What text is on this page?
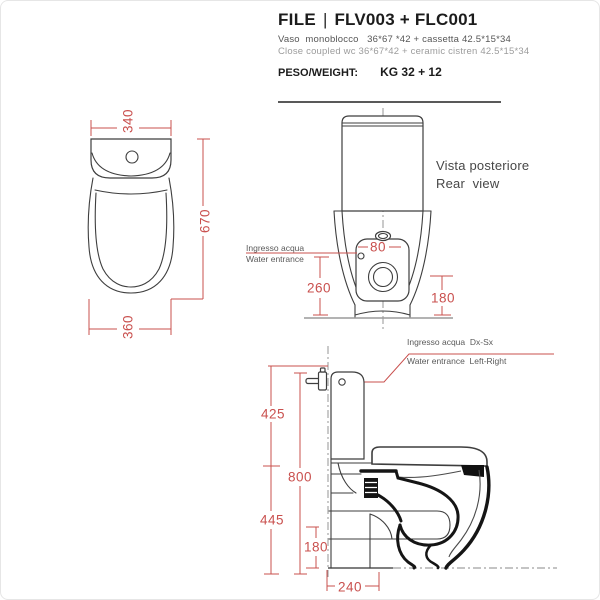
FILE | FLV003 + FLC001
Vaso  monoblocco   36*67 *42 + cassetta 42.5*15*34
Close coupled wc 36*67*42 + ceramic cistren 42.5*15*34
PESO/WEIGHT: KG 32 + 12
340
670
360
Vista posteriore
Rear  view
Ingresso acqua
Water entrance
80
260
180
Ingresso acqua  Dx-Sx
Water entrance  Left-Right
425
800
445
180
240
